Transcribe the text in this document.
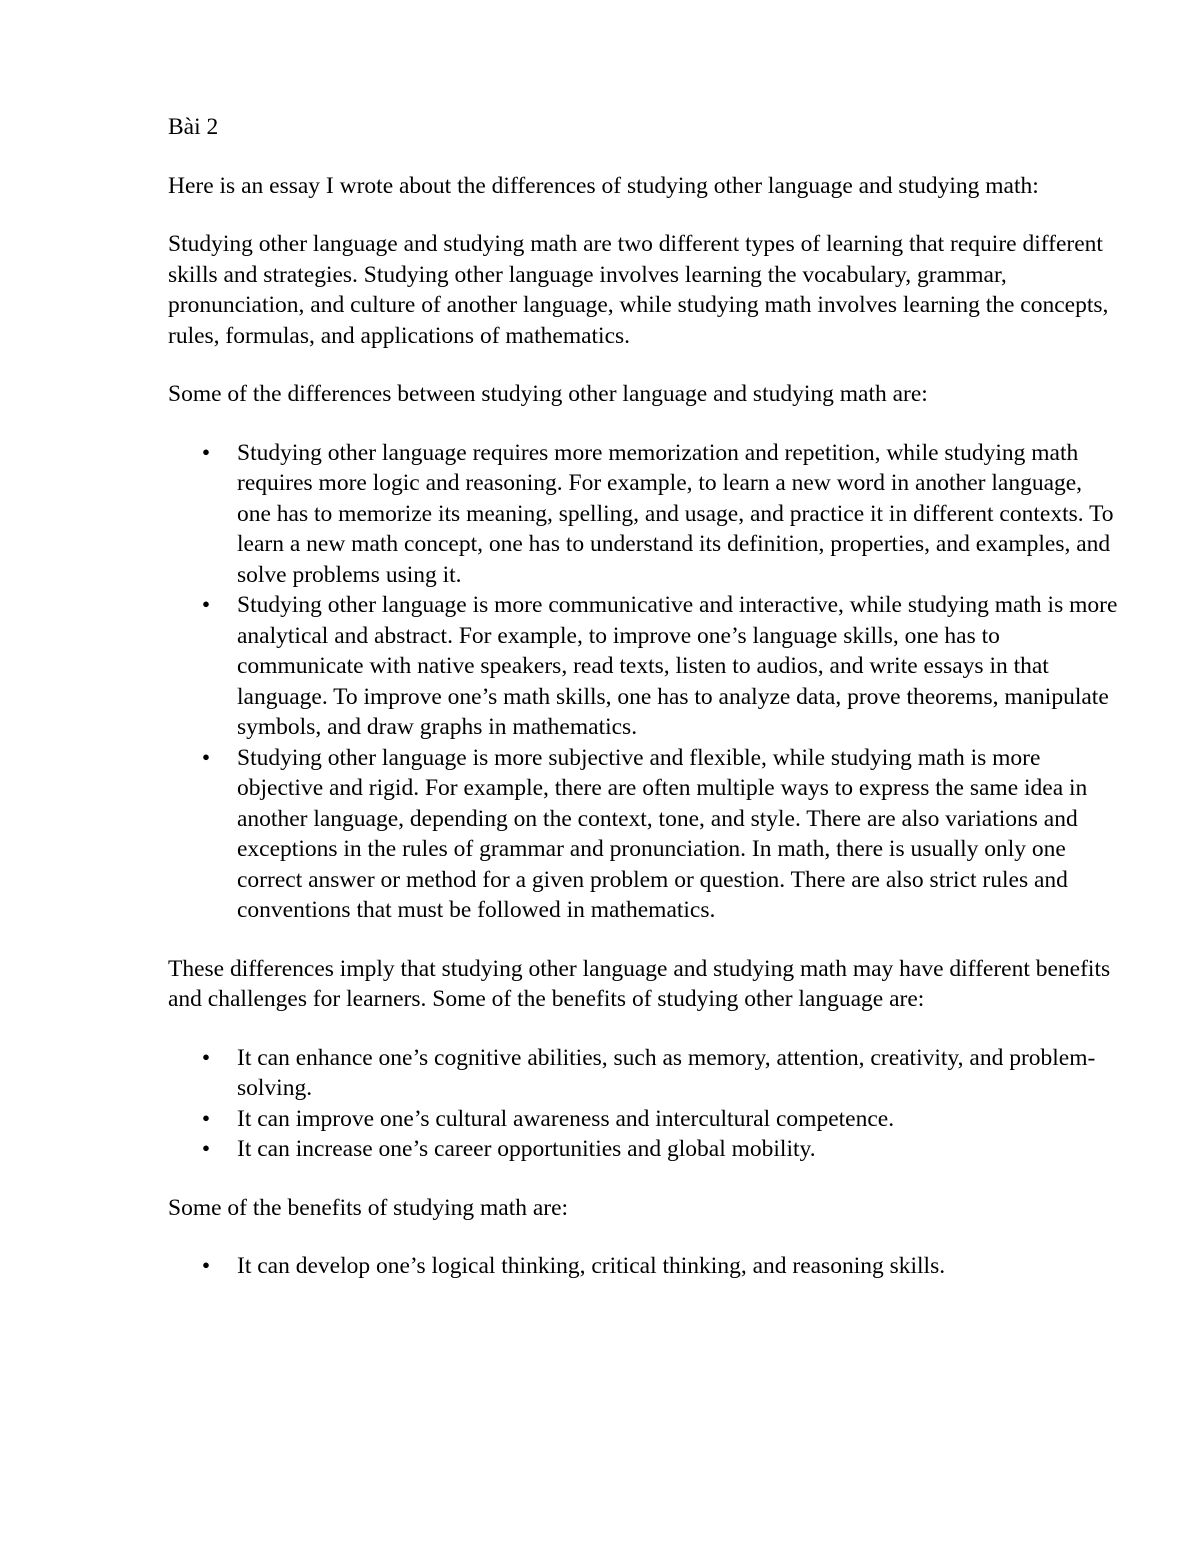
Bài 2

Here is an essay I wrote about the differences of studying other language and studying math:

Studying other language and studying math are two different types of learning that require different skills and strategies. Studying other language involves learning the vocabulary, grammar, pronunciation, and culture of another language, while studying math involves learning the concepts, rules, formulas, and applications of mathematics.

Some of the differences between studying other language and studying math are:

• Studying other language requires more memorization and repetition, while studying math requires more logic and reasoning. For example, to learn a new word in another language, one has to memorize its meaning, spelling, and usage, and practice it in different contexts. To learn a new math concept, one has to understand its definition, properties, and examples, and solve problems using it.
• Studying other language is more communicative and interactive, while studying math is more analytical and abstract. For example, to improve one’s language skills, one has to communicate with native speakers, read texts, listen to audios, and write essays in that language. To improve one’s math skills, one has to analyze data, prove theorems, manipulate symbols, and draw graphs in mathematics.
• Studying other language is more subjective and flexible, while studying math is more objective and rigid. For example, there are often multiple ways to express the same idea in another language, depending on the context, tone, and style. There are also variations and exceptions in the rules of grammar and pronunciation. In math, there is usually only one correct answer or method for a given problem or question. There are also strict rules and conventions that must be followed in mathematics.

These differences imply that studying other language and studying math may have different benefits and challenges for learners. Some of the benefits of studying other language are:

• It can enhance one’s cognitive abilities, such as memory, attention, creativity, and problem-solving.
• It can improve one’s cultural awareness and intercultural competence.
• It can increase one’s career opportunities and global mobility.

Some of the benefits of studying math are:

• It can develop one’s logical thinking, critical thinking, and reasoning skills.
